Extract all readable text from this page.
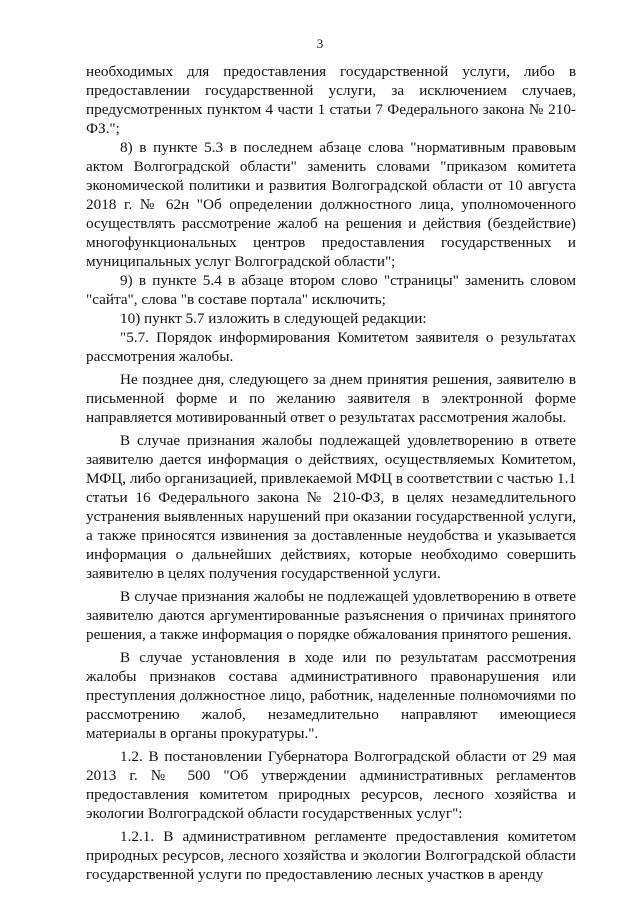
3

необходимых для предоставления государственной услуги, либо в предоставлении государственной услуги, за исключением случаев, предусмотренных пунктом 4 части 1 статьи 7 Федерального закона № 210-ФЗ.";

8) в пункте 5.3 в последнем абзаце слова "нормативным правовым актом Волгоградской области" заменить словами "приказом комитета экономической политики и развития Волгоградской области от 10 августа 2018 г. № 62н "Об определении должностного лица, уполномоченного осуществлять рассмотрение жалоб на решения и действия (бездействие) многофункциональных центров предоставления государственных и муниципальных услуг Волгоградской области";

9) в пункте 5.4 в абзаце втором слово "страницы" заменить словом "сайта", слова "в составе портала" исключить;

10) пункт 5.7 изложить в следующей редакции:

"5.7. Порядок информирования Комитетом заявителя о результатах рассмотрения жалобы.

Не позднее дня, следующего за днем принятия решения, заявителю в письменной форме и по желанию заявителя в электронной форме направляется мотивированный ответ о результатах рассмотрения жалобы.

В случае признания жалобы подлежащей удовлетворению в ответе заявителю дается информация о действиях, осуществляемых Комитетом, МФЦ, либо организацией, привлекаемой МФЦ в соответствии с частью 1.1 статьи 16 Федерального закона № 210-ФЗ, в целях незамедлительного устранения выявленных нарушений при оказании государственной услуги, а также приносятся извинения за доставленные неудобства и указывается информация о дальнейших действиях, которые необходимо совершить заявителю в целях получения государственной услуги.

В случае признания жалобы не подлежащей удовлетворению в ответе заявителю даются аргументированные разъяснения о причинах принятого решения, а также информация о порядке обжалования принятого решения.

В случае установления в ходе или по результатам рассмотрения жалобы признаков состава административного правонарушения или преступления должностное лицо, работник, наделенные полномочиями по рассмотрению жалоб, незамедлительно направляют имеющиеся материалы в органы прокуратуры.".

1.2. В постановлении Губернатора Волгоградской области от 29 мая 2013 г. № 500 "Об утверждении административных регламентов предоставления комитетом природных ресурсов, лесного хозяйства и экологии Волгоградской области государственных услуг":

1.2.1. В административном регламенте предоставления комитетом природных ресурсов, лесного хозяйства и экологии Волгоградской области государственной услуги по предоставлению лесных участков в аренду
